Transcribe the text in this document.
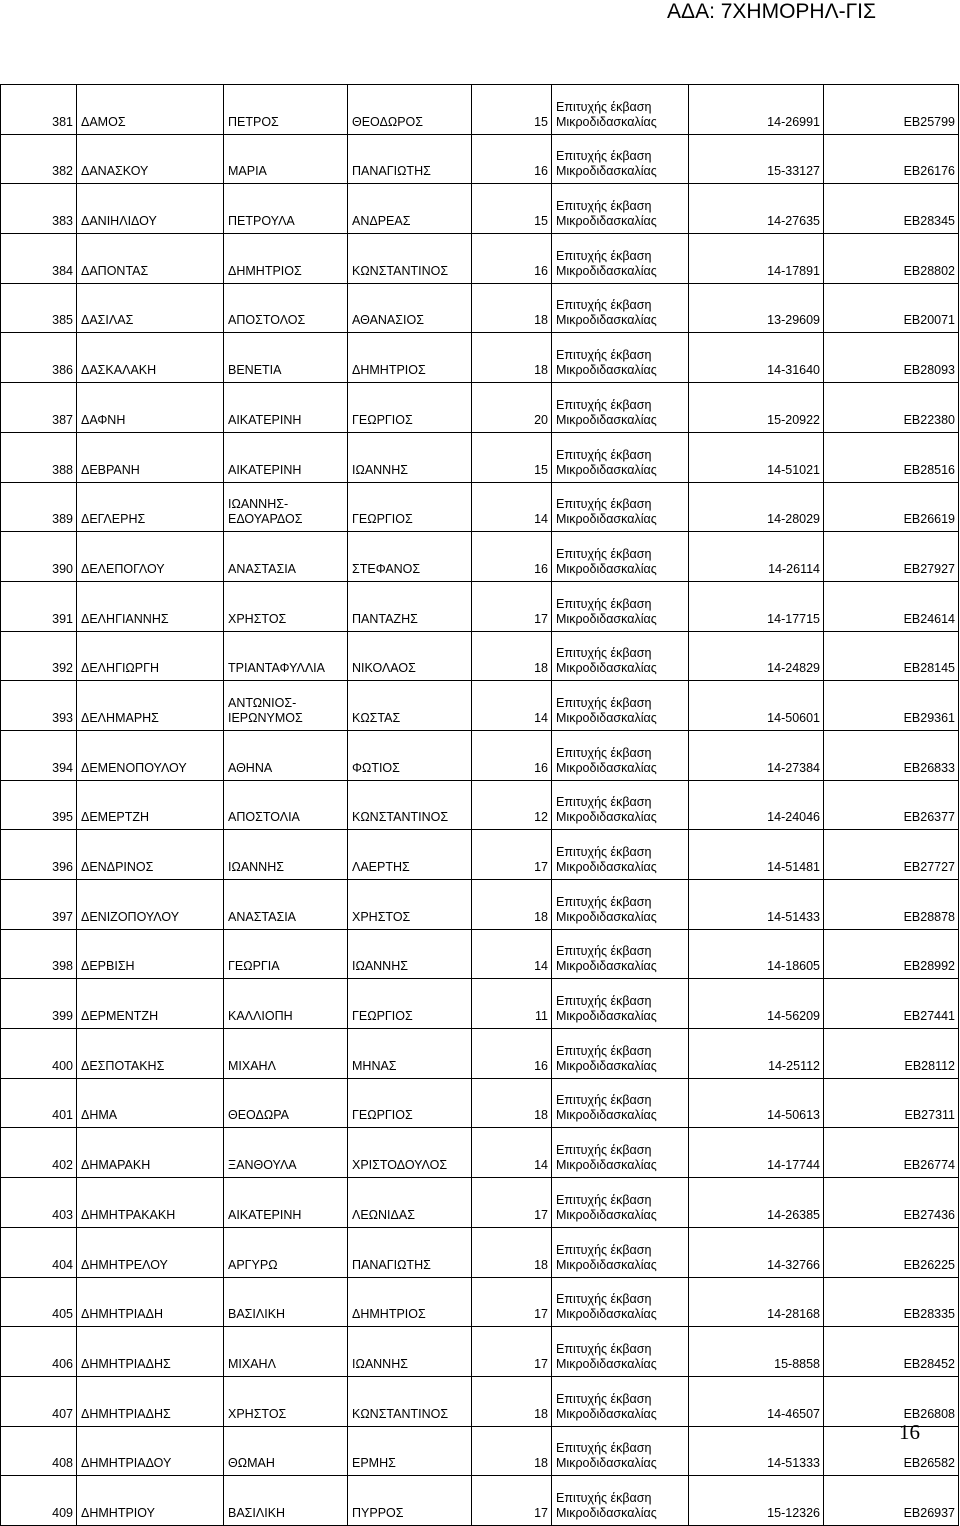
ΑΔΑ: 7ΧΗΜΟΡΗΛ-ΓΙΣ
381	ΔΑΜΟΣ	ΠΕΤΡΟΣ	ΘΕΟΔΩΡΟΣ	15	Επιτυχής έκβαση
Μικροδιδασκαλίας	14-26991	ΕΒ25799
382	ΔΑΝΑΣΚΟΥ	ΜΑΡΙΑ	ΠΑΝΑΓΙΩΤΗΣ	16	Επιτυχής έκβαση
Μικροδιδασκαλίας	15-33127	ΕΒ26176
383	ΔΑΝΙΗΛΙΔΟΥ	ΠΕΤΡΟΥΛΑ	ΑΝΔΡΕΑΣ	15	Επιτυχής έκβαση
Μικροδιδασκαλίας	14-27635	ΕΒ28345
384	ΔΑΠΟΝΤΑΣ	ΔΗΜΗΤΡΙΟΣ	ΚΩΝΣΤΑΝΤΙΝΟΣ	16	Επιτυχής έκβαση
Μικροδιδασκαλίας	14-17891	ΕΒ28802
385	ΔΑΣΙΛΑΣ	ΑΠΟΣΤΟΛΟΣ	ΑΘΑΝΑΣΙΟΣ	18	Επιτυχής έκβαση
Μικροδιδασκαλίας	13-29609	ΕΒ20071
386	ΔΑΣΚΑΛΑΚΗ	ΒΕΝΕΤΙΑ	ΔΗΜΗΤΡΙΟΣ	18	Επιτυχής έκβαση
Μικροδιδασκαλίας	14-31640	ΕΒ28093
387	ΔΑΦΝΗ	ΑΙΚΑΤΕΡΙΝΗ	ΓΕΩΡΓΙΟΣ	20	Επιτυχής έκβαση
Μικροδιδασκαλίας	15-20922	ΕΒ22380
388	ΔΕΒΡΑΝΗ	ΑΙΚΑΤΕΡΙΝΗ	ΙΩΑΝΝΗΣ	15	Επιτυχής έκβαση
Μικροδιδασκαλίας	14-51021	ΕΒ28516
389	ΔΕΓΛΕΡΗΣ	ΙΩΑΝΝΗΣ-ΕΔΟΥΑΡΔΟΣ	ΓΕΩΡΓΙΟΣ	14	Επιτυχής έκβαση
Μικροδιδασκαλίας	14-28029	ΕΒ26619
390	ΔΕΛΕΠΟΓΛΟΥ	ΑΝΑΣΤΑΣΙΑ	ΣΤΕΦΑΝΟΣ	16	Επιτυχής έκβαση
Μικροδιδασκαλίας	14-26114	ΕΒ27927
391	ΔΕΛΗΓΙΑΝΝΗΣ	ΧΡΗΣΤΟΣ	ΠΑΝΤΑΖΗΣ	17	Επιτυχής έκβαση
Μικροδιδασκαλίας	14-17715	ΕΒ24614
392	ΔΕΛΗΓΙΩΡΓΗ	ΤΡΙΑΝΤΑΦΥΛΛΙΑ	ΝΙΚΟΛΑΟΣ	18	Επιτυχής έκβαση
Μικροδιδασκαλίας	14-24829	ΕΒ28145
393	ΔΕΛΗΜΑΡΗΣ	ΑΝΤΩΝΙΟΣ-ΙΕΡΩΝΥΜΟΣ	ΚΩΣΤΑΣ	14	Επιτυχής έκβαση
Μικροδιδασκαλίας	14-50601	ΕΒ29361
394	ΔΕΜΕΝΟΠΟΥΛΟΥ	ΑΘΗΝΑ	ΦΩΤΙΟΣ	16	Επιτυχής έκβαση
Μικροδιδασκαλίας	14-27384	ΕΒ26833
395	ΔΕΜΕΡΤΖΗ	ΑΠΟΣΤΟΛΙΑ	ΚΩΝΣΤΑΝΤΙΝΟΣ	12	Επιτυχής έκβαση
Μικροδιδασκαλίας	14-24046	ΕΒ26377
396	ΔΕΝΔΡΙΝΟΣ	ΙΩΑΝΝΗΣ	ΛΑΕΡΤΗΣ	17	Επιτυχής έκβαση
Μικροδιδασκαλίας	14-51481	ΕΒ27727
397	ΔΕΝΙΖΟΠΟΥΛΟΥ	ΑΝΑΣΤΑΣΙΑ	ΧΡΗΣΤΟΣ	18	Επιτυχής έκβαση
Μικροδιδασκαλίας	14-51433	ΕΒ28878
398	ΔΕΡΒΙΣΗ	ΓΕΩΡΓΙΑ	ΙΩΑΝΝΗΣ	14	Επιτυχής έκβαση
Μικροδιδασκαλίας	14-18605	ΕΒ28992
399	ΔΕΡΜΕΝΤΖΗ	ΚΑΛΛΙΟΠΗ	ΓΕΩΡΓΙΟΣ	11	Επιτυχής έκβαση
Μικροδιδασκαλίας	14-56209	ΕΒ27441
400	ΔΕΣΠΟΤΑΚΗΣ	ΜΙΧΑΗΛ	ΜΗΝΑΣ	16	Επιτυχής έκβαση
Μικροδιδασκαλίας	14-25112	ΕΒ28112
401	ΔΗΜΑ	ΘΕΟΔΩΡΑ	ΓΕΩΡΓΙΟΣ	18	Επιτυχής έκβαση
Μικροδιδασκαλίας	14-50613	ΕΒ27311
402	ΔΗΜΑΡΑΚΗ	ΞΑΝΘΟΥΛΑ	ΧΡΙΣΤΟΔΟΥΛΟΣ	14	Επιτυχής έκβαση
Μικροδιδασκαλίας	14-17744	ΕΒ26774
403	ΔΗΜΗΤΡΑΚΑΚΗ	ΑΙΚΑΤΕΡΙΝΗ	ΛΕΩΝΙΔΑΣ	17	Επιτυχής έκβαση
Μικροδιδασκαλίας	14-26385	ΕΒ27436
404	ΔΗΜΗΤΡΕΛΟΥ	ΑΡΓΥΡΩ	ΠΑΝΑΓΙΩΤΗΣ	18	Επιτυχής έκβαση
Μικροδιδασκαλίας	14-32766	ΕΒ26225
405	ΔΗΜΗΤΡΙΑΔΗ	ΒΑΣΙΛΙΚΗ	ΔΗΜΗΤΡΙΟΣ	17	Επιτυχής έκβαση
Μικροδιδασκαλίας	14-28168	ΕΒ28335
406	ΔΗΜΗΤΡΙΑΔΗΣ	ΜΙΧΑΗΛ	ΙΩΑΝΝΗΣ	17	Επιτυχής έκβαση
Μικροδιδασκαλίας	15-8858	ΕΒ28452
407	ΔΗΜΗΤΡΙΑΔΗΣ	ΧΡΗΣΤΟΣ	ΚΩΝΣΤΑΝΤΙΝΟΣ	18	Επιτυχής έκβαση
Μικροδιδασκαλίας	14-46507	ΕΒ26808
408	ΔΗΜΗΤΡΙΑΔΟΥ	ΘΩΜΑΗ	ΕΡΜΗΣ	18	Επιτυχής έκβαση
Μικροδιδασκαλίας	14-51333	ΕΒ26582
409	ΔΗΜΗΤΡΙΟΥ	ΒΑΣΙΛΙΚΗ	ΠΥΡΡΟΣ	17	Επιτυχής έκβαση
Μικροδιδασκαλίας	15-12326	ΕΒ26937
16
